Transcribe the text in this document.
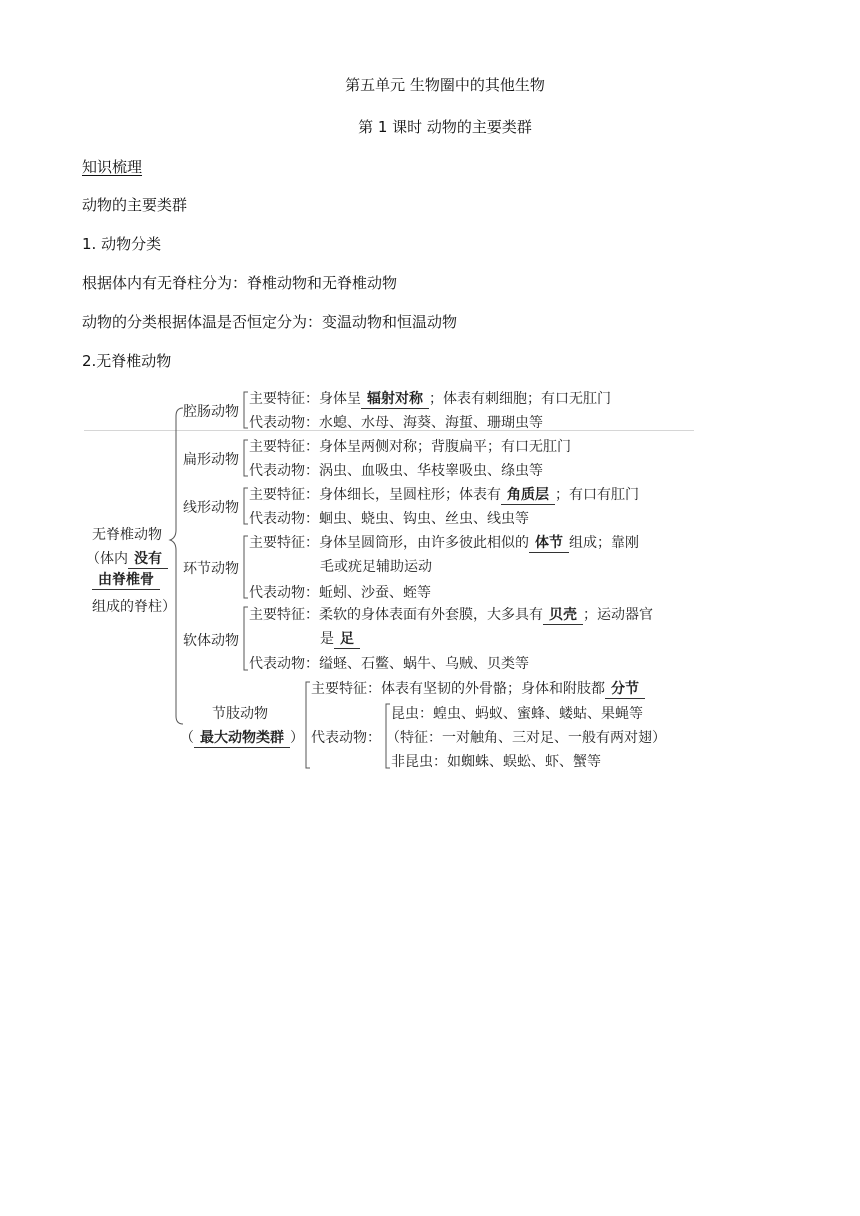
第五单元 生物圈中的其他生物
第 1 课时 动物的主要类群
知识梳理
动物的主要类群
1. 动物分类
根据体内有无脊柱分为：脊椎动物和无脊椎动物
动物的分类根据体温是否恒定分为：变温动物和恒温动物
2.无脊椎动物
无脊椎动物
（体内 没有
由脊椎骨
组成的脊柱）
腔肠动物
主要特征：身体呈 辐射对称 ；体表有刺细胞；有口无肛门
代表动物：水螅、水母、海葵、海蜇、珊瑚虫等
扁形动物
主要特征：身体呈两侧对称；背腹扁平；有口无肛门
代表动物：涡虫、血吸虫、华枝睾吸虫、绦虫等
线形动物
主要特征：身体细长，呈圆柱形；体表有 角质层 ；有口有肛门
代表动物：蛔虫、蛲虫、钩虫、丝虫、线虫等
环节动物
主要特征：身体呈圆筒形，由许多彼此相似的 体节 组成；靠刚
毛或疣足辅助运动
代表动物：蚯蚓、沙蚕、蛭等
软体动物
主要特征：柔软的身体表面有外套膜，大多具有 贝壳 ；运动器官
是 足
代表动物：缢蛏、石鳖、蜗牛、乌贼、贝类等
节肢动物
（ 最大动物类群 ）
主要特征：体表有坚韧的外骨骼；身体和附肢都 分节
代表动物：
昆虫：蝗虫、蚂蚁、蜜蜂、蝼蛄、果蝇等
（特征：一对触角、三对足、一般有两对翅）
非昆虫：如蜘蛛、蜈蚣、虾、蟹等
